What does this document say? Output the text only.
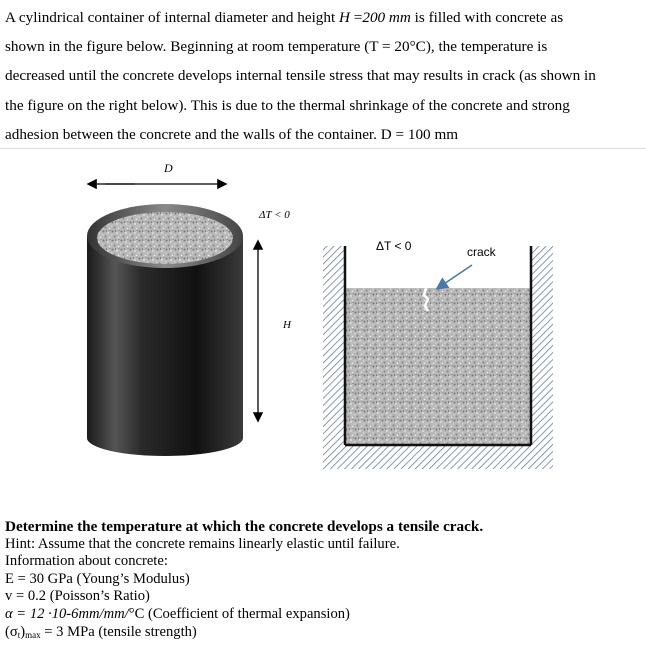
A cylindrical container of internal diameter and height H =200 mm is filled with concrete as
shown in the figure below. Beginning at room temperature (T = 20°C), the temperature is
decreased until the concrete develops internal tensile stress that may results in crack (as shown in
the figure on the right below). This is due to the thermal shrinkage of the concrete and strong
adhesion between the concrete and the walls of the container. D = 100 mm
D
ΔT < 0
H
ΔT < 0	crack
Determine the temperature at which the concrete develops a tensile crack.
Hint: Assume that the concrete remains linearly elastic until failure.
Information about concrete:
E = 30 GPa (Young’s Modulus)
v = 0.2 (Poisson’s Ratio)
α = 12 ·10-6mm/mm/°C (Coefficient of thermal expansion)
$(\sigma_t)_{max} = 3$ MPa (tensile strength)
